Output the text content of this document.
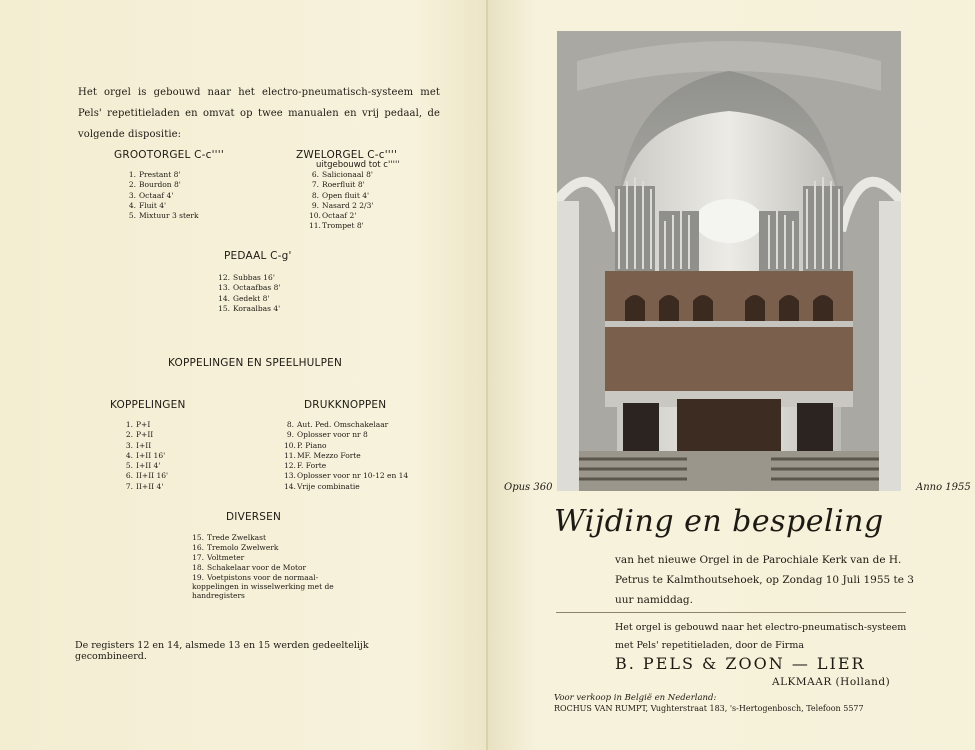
Het orgel is gebouwd naar het electro-pneumatisch-systeem met Pels' repetitieladen en omvat op twee manualen en vrij pedaal, de volgende dispositie:
GROOTORGEL C-c''''
1. Prestant 8'
2. Bourdon 8'
3. Octaaf 4'
4. Fluit 4'
5. Mixtuur 3 sterk
ZWELORGEL C-c''''
uitgebouwd tot c'''''
6. Salicionaal 8'
7. Roerfluit 8'
8. Open fluit 4'
9. Nasard 2 2/3'
10.Octaaf 2'
11.Trompet 8'
PEDAAL C-g'
12. Subbas 16'
13. Octaafbas 8'
14. Gedekt 8'
15. Koraalbas 4'
KOPPELINGEN EN SPEELHULPEN
KOPPELINGEN
1. P+I
2. P+II
3. I+II
4. I+II 16'
5. I+II 4'
6. II+II 16'
7. II+II 4'
DRUKKNOPPEN
8. Aut. Ped. Omschakelaar
9. Oplosser voor nr 8
10.P. Piano
11.MF. Mezzo Forte
12.F. Forte
13.Oplosser voor nr 10-12 en 14
14.Vrije combinatie
DIVERSEN
15. Trede Zwelkast
16. Tremolo Zwelwerk
17. Voltmeter
18. Schakelaar voor de Motor
19. Voetpistons voor de normaal-koppelingen in wisselwerking met de handregisters
De registers 12 en 14, alsmede 13 en 15 werden gedeeltelijk gecombineerd.
Opus 360	Anno 1955
Wijding en bespeling
van het nieuwe Orgel in de Parochiale Kerk van de H. Petrus te Kalmthoutsehoek, op Zondag 10 Juli 1955 te 3 uur namiddag.
Het orgel is gebouwd naar het electro-pneumatisch-systeem met Pels' repetitieladen, door de Firma
B. PELS & ZOON — LIER
ALKMAAR (Holland)
Voor verkoop in België en Nederland:
ROCHUS VAN RUMPT, Vughterstraat 183, 's-Hertogenbosch, Telefoon 5577
